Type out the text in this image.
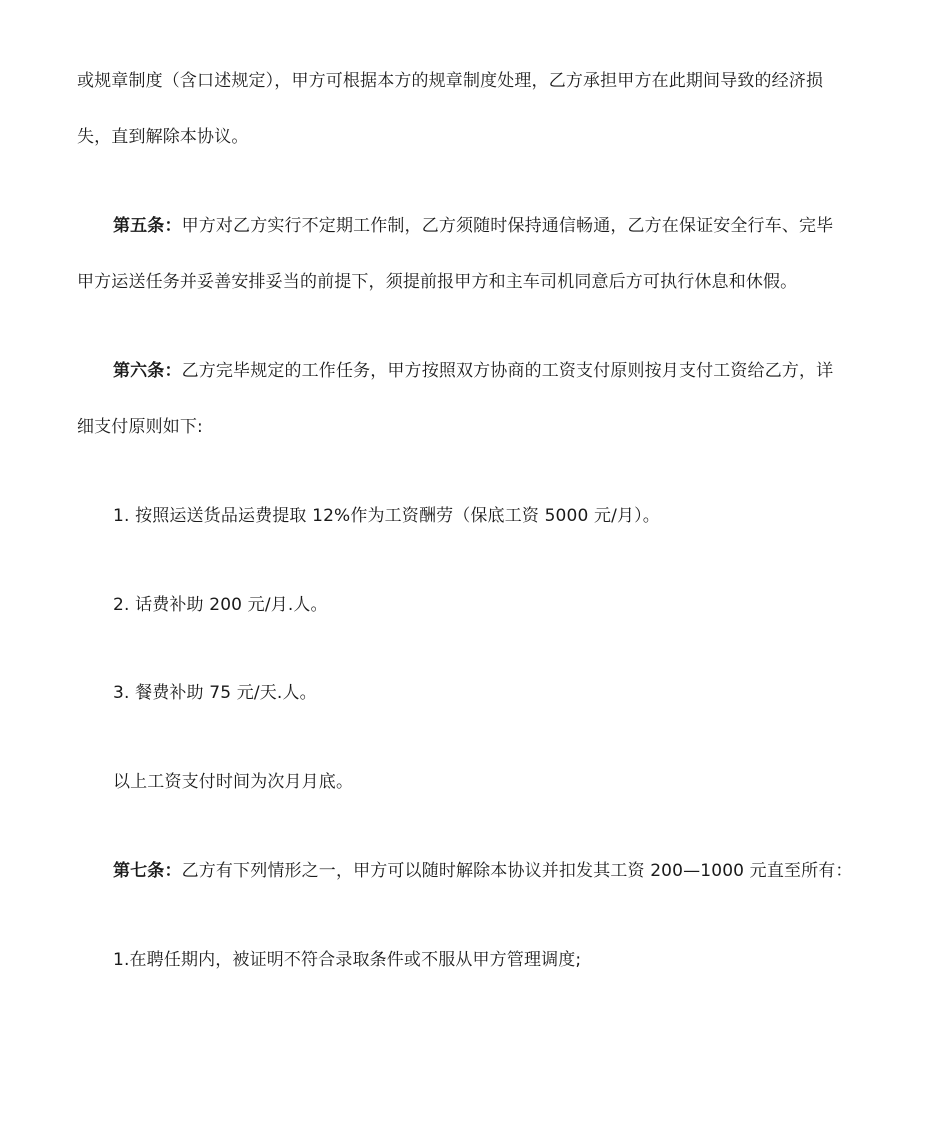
或规章制度（含口述规定），甲方可根据本方的规章制度处理，乙方承担甲方在此期间导致的经济损
失，直到解除本协议。
第五条：甲方对乙方实行不定期工作制，乙方须随时保持通信畅通，乙方在保证安全行车、完毕
甲方运送任务并妥善安排妥当的前提下，须提前报甲方和主车司机同意后方可执行休息和休假。
第六条：乙方完毕规定的工作任务，甲方按照双方协商的工资支付原则按月支付工资给乙方，详
细支付原则如下:
1. 按照运送货品运费提取 12%作为工资酬劳（保底工资 5000 元/月）。
2. 话费补助 200 元/月.人。
3. 餐费补助 75 元/天.人。
以上工资支付时间为次月月底。
第七条：乙方有下列情形之一，甲方可以随时解除本协议并扣发其工资 200—1000 元直至所有：
1.在聘任期内，被证明不符合录取条件或不服从甲方管理调度;
